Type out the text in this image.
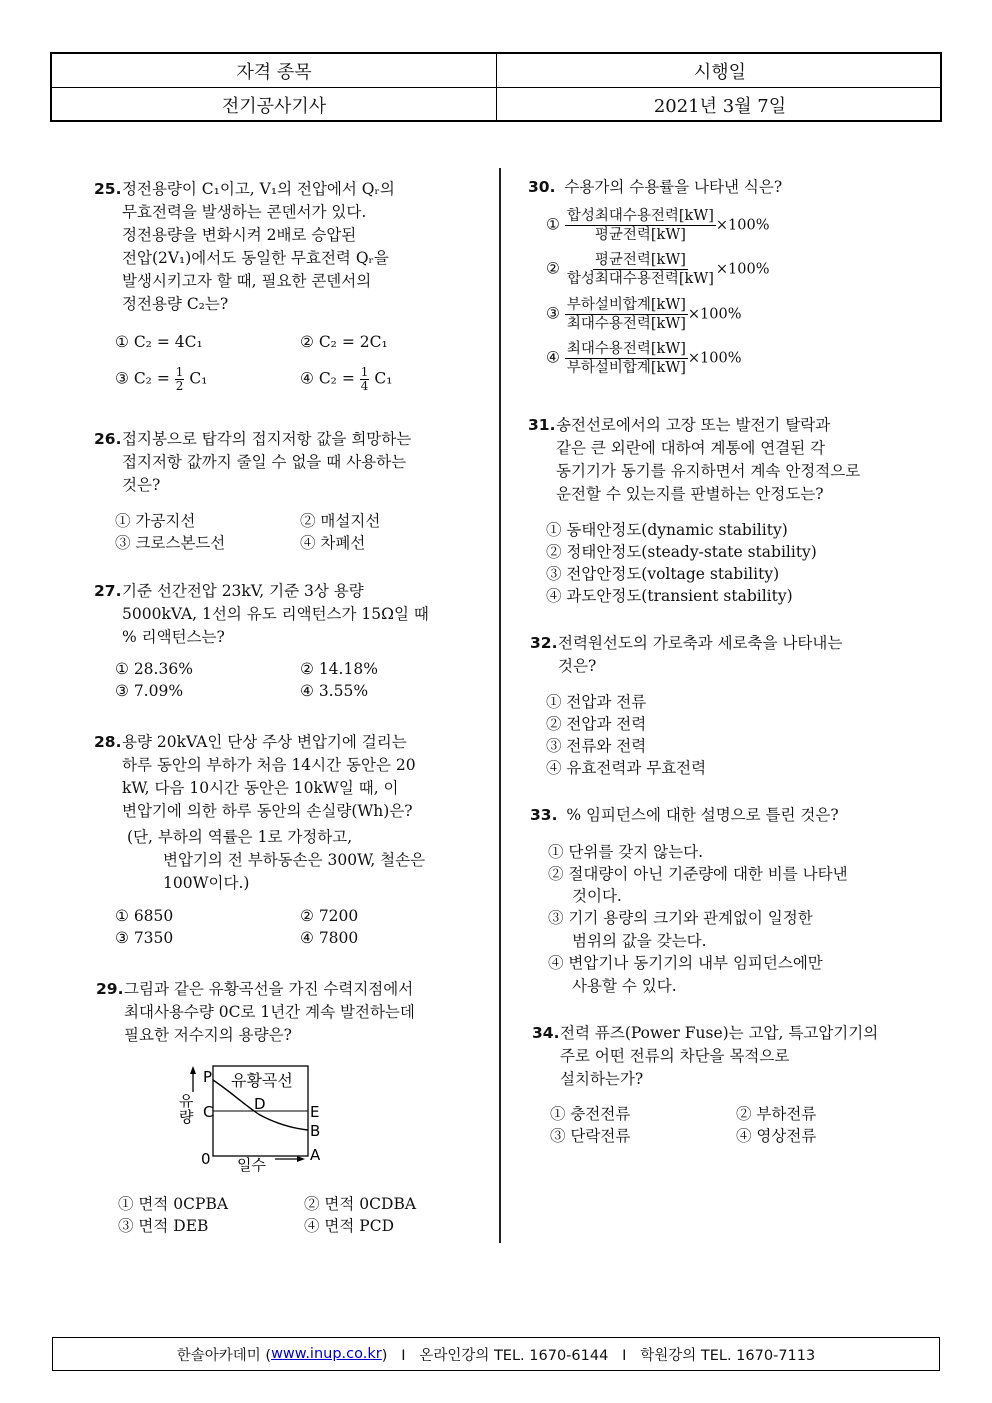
자격 종목	시행일
전기공사기사	2021년 3월 7일
25. 정전용량이 C₁이고, V₁의 전압에서 Qᵣ의
무효전력을 발생하는 콘덴서가 있다.
정전용량을 변화시켜 2배로 승압된
전압(2V₁)에서도 동일한 무효전력 Qᵣ을
발생시키고자 할 때, 필요한 콘덴서의
정전용량 C₂는?
① C₂ = 4C₁	② C₂ = 2C₁
③ $C_2 = \frac{1}{2} C_1$	④ $C_2 = \frac{1}{4} C_1$
26. 접지봉으로 탑각의 접지저항 값을 희망하는
접지저항 값까지 줄일 수 없을 때 사용하는
것은?
① 가공지선	② 매설지선
③ 크로스본드선	④ 차폐선
27. 기준 선간전압 23kV, 기준 3상 용량
5000kVA, 1선의 유도 리액턴스가 15Ω일 때
% 리액턴스는?
① 28.36%	② 14.18%
③ 7.09%	④ 3.55%
28. 용량 20kVA인 단상 주상 변압기에 걸리는
하루 동안의 부하가 처음 14시간 동안은 20
kW, 다음 10시간 동안은 10kW일 때, 이
변압기에 의한 하루 동안의 손실량(Wh)은?
(단, 부하의 역률은 1로 가정하고,
변압기의 전 부하동손은 300W, 철손은
100W이다.)
① 6850	② 7200
③ 7350	④ 7800
29. 그림과 같은 유황곡선을 가진 수력지점에서
최대사용수량 0C로 1년간 계속 발전하는데
필요한 저수지의 용량은?
P
C
0
D	E
B
A
유황곡선
유
량
일수
① 면적 0CPBA	② 면적 0CDBA
③ 면적 DEB	④ 면적 PCD
30. 수용가의 수용률을 나타낸 식은?
① $\frac{\text{합성최대수용전력[kW]}}{\text{평균전력[kW]}} \times 100\%$
② $\frac{\text{평균전력[kW]}}{\text{합성최대수용전력[kW]}} \times 100\%$
③ $\frac{\text{부하설비합계[kW]}}{\text{최대수용전력[kW]}} \times 100\%$
④ $\frac{\text{최대수용전력[kW]}}{\text{부하설비합계[kW]}} \times 100\%$
31. 송전선로에서의 고장 또는 발전기 탈락과
같은 큰 외란에 대하여 계통에 연결된 각
동기기가 동기를 유지하면서 계속 안정적으로
운전할 수 있는지를 판별하는 안정도는?
① 동태안정도(dynamic stability)
② 정태안정도(steady-state stability)
③ 전압안정도(voltage stability)
④ 과도안정도(transient stability)
32. 전력원선도의 가로축과 세로축을 나타내는
것은?
① 전압과 전류
② 전압과 전력
③ 전류와 전력
④ 유효전력과 무효전력
33. % 임피던스에 대한 설명으로 틀린 것은?
① 단위를 갖지 않는다.
② 절대량이 아닌 기준량에 대한 비를 나타낸
것이다.
③ 기기 용량의 크기와 관계없이 일정한
범위의 값을 갖는다.
④ 변압기나 동기기의 내부 임피던스에만
사용할 수 있다.
34. 전력 퓨즈(Power Fuse)는 고압, 특고압기기의
주로 어떤 전류의 차단을 목적으로
설치하는가?
① 충전전류	② 부하전류
③ 단락전류	④ 영상전류
한솔아카데미 ( www.inup.co.kr )   I   온라인강의 TEL. 1670-6144   I   학원강의 TEL. 1670-7113
